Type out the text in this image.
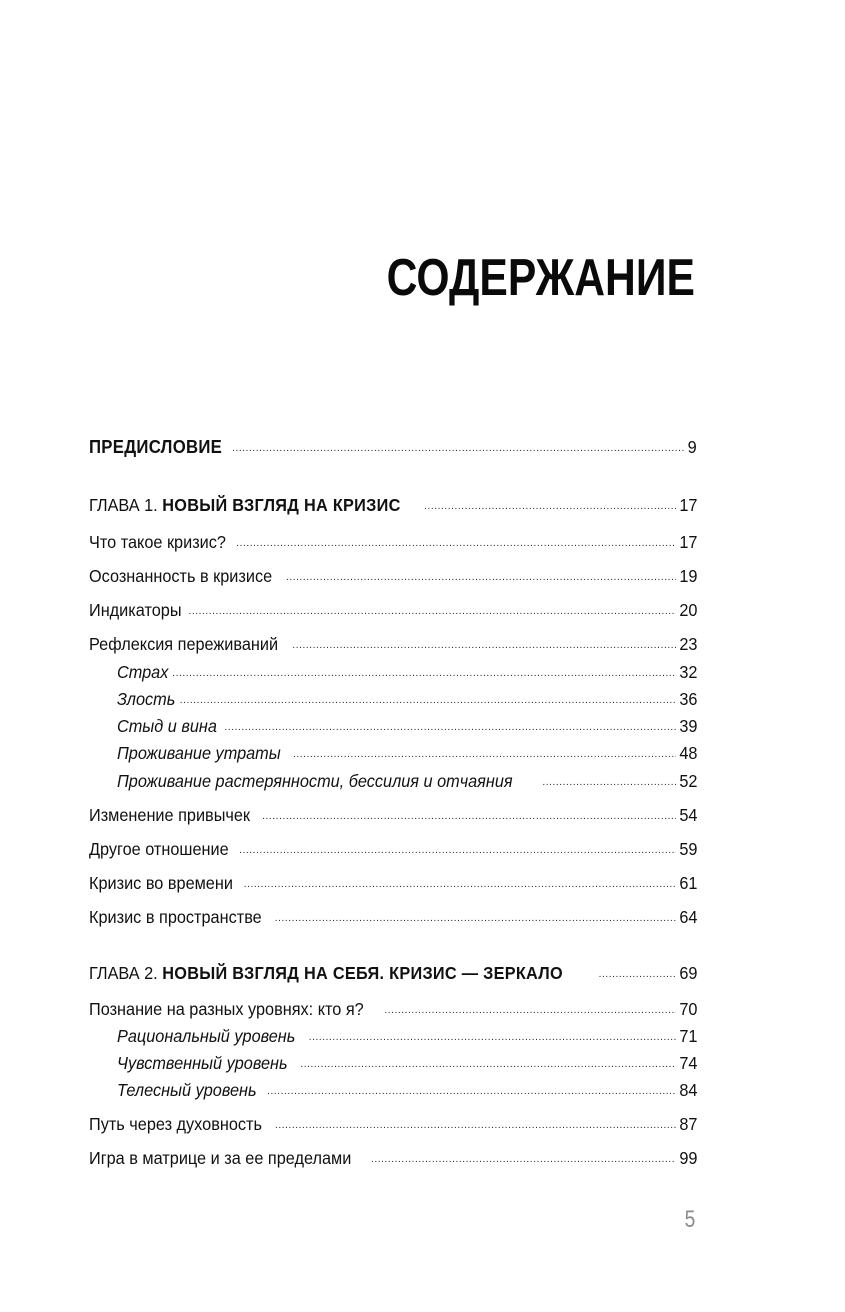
СОДЕРЖАНИЕ
ПРЕДИСЛОВИЕ .....	9
ГЛАВА 1. НОВЫЙ ВЗГЛЯД НА КРИЗИС .....	17
Что такое кризис? .....	17
Осознанность в кризисе .....	19
Индикаторы .....	20
Рефлексия переживаний .....	23
Страх .....	32
Злость .....	36
Стыд и вина .....	39
Проживание утраты .....	48
Проживание растерянности, бессилия и отчаяния .....	52
Изменение привычек .....	54
Другое отношение .....	59
Кризис во времени .....	61
Кризис в пространстве .....	64
ГЛАВА 2. НОВЫЙ ВЗГЛЯД НА СЕБЯ. КРИЗИС — ЗЕРКАЛО .....	69
Познание на разных уровнях: кто я? .....	70
Рациональный уровень .....	71
Чувственный уровень .....	74
Телесный уровень .....	84
Путь через духовность .....	87
Игра в матрице и за ее пределами .....	99
5
